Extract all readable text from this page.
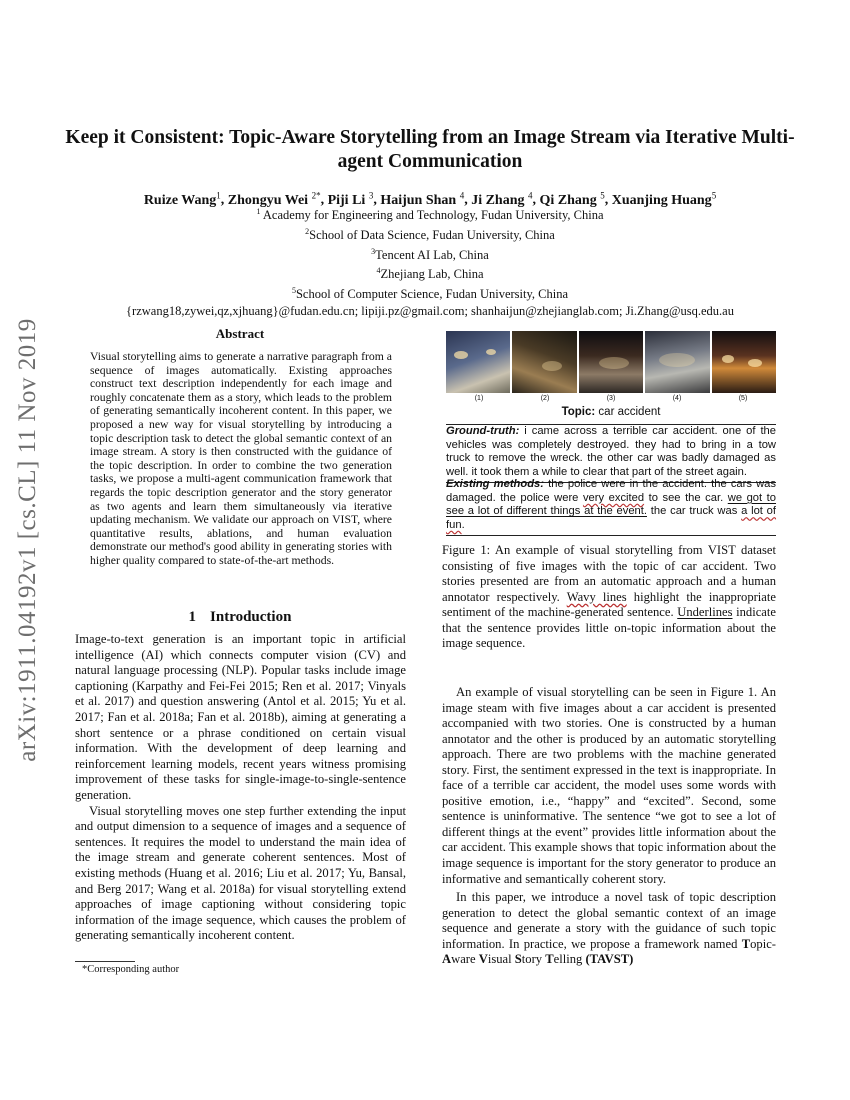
arXiv:1911.04192v1 [cs.CL] 11 Nov 2019
Keep it Consistent: Topic-Aware Storytelling from an Image Stream via Iterative Multi-agent Communication
Ruize Wang$^1$, Zhongyu Wei $^{2*}$, Piji Li $^3$, Haijun Shan $^4$, Ji Zhang $^4$, Qi Zhang $^5$, Xuanjing Huang$^5$
$^1$ Academy for Engineering and Technology, Fudan University, China
$^2$School of Data Science, Fudan University, China
$^3$Tencent AI Lab, China
$^4$Zhejiang Lab, China
$^5$School of Computer Science, Fudan University, China
{rzwang18,zywei,qz,xjhuang}@fudan.edu.cn; lipiji.pz@gmail.com; shanhaijun@zhejianglab.com; Ji.Zhang@usq.edu.au
Abstract
Visual storytelling aims to generate a narrative paragraph from a sequence of images automatically. Existing approaches construct text description independently for each image and roughly concatenate them as a story, which leads to the problem of generating semantically incoherent content. In this paper, we proposed a new way for visual storytelling by introducing a topic description task to detect the global semantic context of an image stream. A story is then constructed with the guidance of the topic description. In order to combine the two generation tasks, we propose a multi-agent communication framework that regards the topic description generator and the story generator as two agents and learn them simultaneously via iterative updating mechanism. We validate our approach on VIST, where quantitative results, ablations, and human evaluation demonstrate our method's good ability in generating stories with higher quality compared to state-of-the-art methods.
1 Introduction

Image-to-text generation is an important topic in artificial intelligence (AI) which connects computer vision (CV) and natural language processing (NLP). Popular tasks include image captioning (Karpathy and Fei-Fei 2015; Ren et al. 2017; Vinyals et al. 2017) and question answering (Antol et al. 2015; Yu et al. 2017; Fan et al. 2018a; Fan et al. 2018b), aiming at generating a short sentence or a phrase conditioned on certain visual information. With the development of deep learning and reinforcement learning models, recent years witness promising improvement of these tasks for single-image-to-single-sentence generation.

Visual storytelling moves one step further extending the input and output dimension to a sequence of images and a sequence of sentences. It requires the model to understand the main idea of the image stream and generate coherent sentences. Most of existing methods (Huang et al. 2016; Liu et al. 2017; Yu, Bansal, and Berg 2017; Wang et al. 2018a) for visual storytelling extend approaches of image captioning without considering topic information of the image sequence, which causes the problem of generating semantically incoherent content.

*Corresponding author
(1)	(2)	(3)	(4)	(5)
Topic: car accident
Ground-truth: i came across a terrible car accident. one of the vehicles was completely destroyed. they had to bring in a tow truck to remove the wreck. the other car was badly damaged as well. it took them a while to clear that part of the street again.
Existing methods: the police were in the accident. the cars was damaged. the police were very excited to see the car. we got to see a lot of different things at the event. the car truck was a lot of fun.
Figure 1: An example of visual storytelling from VIST dataset consisting of five images with the topic of car accident. Two stories presented are from an automatic approach and a human annotator respectively. Wavy lines highlight the inappropriate sentiment of the machine-generated sentence. Underlines indicate that the sentence provides little on-topic information about the image sequence.

An example of visual storytelling can be seen in Figure 1. An image steam with five images about a car accident is presented accompanied with two stories. One is constructed by a human annotator and the other is produced by an automatic storytelling approach. There are two problems with the machine generated story. First, the sentiment expressed in the text is inappropriate. In face of a terrible car accident, the model uses some words with positive emotion, i.e., “happy” and “excited”. Second, some sentence is uninformative. The sentence “we got to see a lot of different things at the event” provides little information about the car accident. This example shows that topic information about the image sequence is important for the story generator to produce an informative and semantically coherent story.

In this paper, we introduce a novel task of topic description generation to detect the global semantic context of an image sequence and generate a story with the guidance of such topic information. In practice, we propose a framework named Topic-Aware Visual Story Telling (TAVST)
